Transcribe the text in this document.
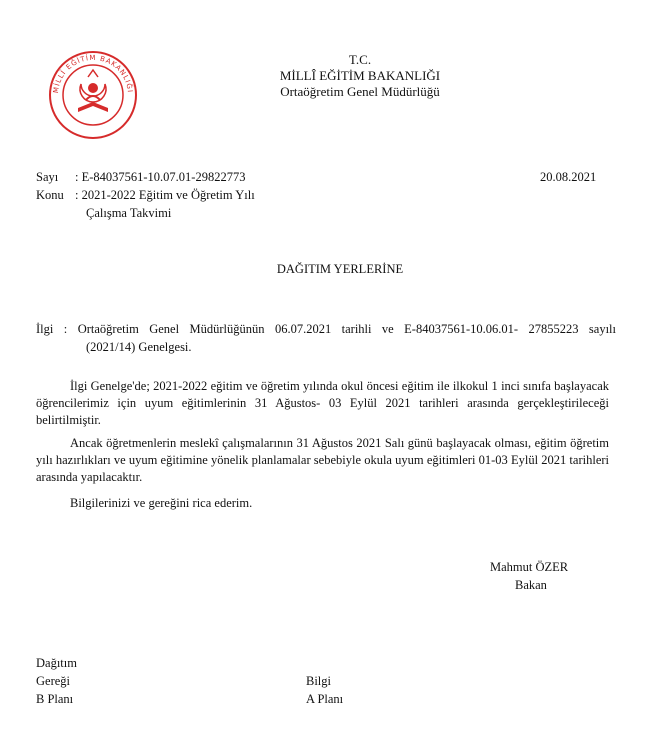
MİLLÎ EĞİTİM BAKANLIĞI
T.C.
MİLLÎ EĞİTİM BAKANLIĞI
Ortaöğretim Genel Müdürlüğü
Sayı : E-84037561-10.07.01-29822773	20.08.2021
Konu : 2021-2022 Eğitim ve Öğretim Yılı
Çalışma Takvimi
DAĞITIM YERLERİNE
İlgi : Ortaöğretim Genel Müdürlüğünün 06.07.2021 tarihli ve E-84037561-10.06.01- 27855223 sayılı
(2021/14) Genelgesi.
İlgi Genelge'de; 2021-2022 eğitim ve öğretim yılında okul öncesi eğitim ile ilkokul 1 inci sınıfa başlayacak öğrencilerimiz için uyum eğitimlerinin 31 Ağustos- 03 Eylül 2021 tarihleri arasında gerçekleştirileceği belirtilmiştir.
Ancak öğretmenlerin meslekî çalışmalarının 31 Ağustos 2021 Salı günü başlayacak olması, eğitim öğretim yılı hazırlıkları ve uyum eğitimine yönelik planlamalar sebebiyle okula uyum eğitimleri 01-03 Eylül 2021 tarihleri arasında yapılacaktır.
Bilgilerinizi ve gereğini rica ederim.
Mahmut ÖZER
Bakan
Dağıtım
Gereği
B Planı
Bilgi
A Planı
